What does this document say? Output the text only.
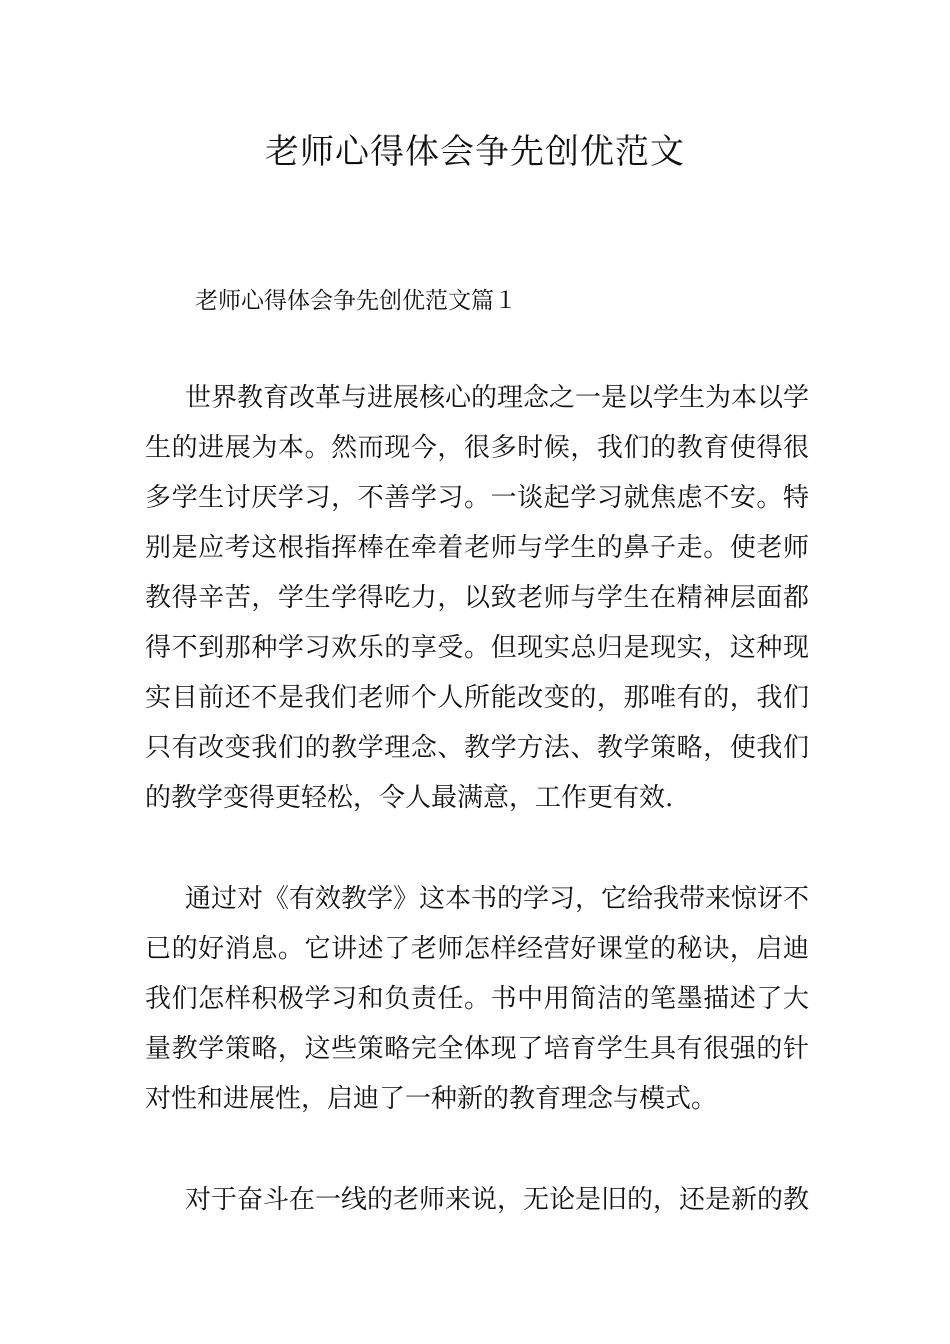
老师心得体会争先创优范文

老师心得体会争先创优范文篇１

世界教育改革与进展核心的理念之一是以学生为本以学生的进展为本。然而现今，很多时候，我们的教育使得很多学生讨厌学习，不善学习。一谈起学习就焦虑不安。特别是应考这根指挥棒在牵着老师与学生的鼻子走。使老师教得辛苦，学生学得吃力，以致老师与学生在精神层面都得不到那种学习欢乐的享受。但现实总归是现实，这种现实目前还不是我们老师个人所能改变的，那唯有的，我们只有改变我们的教学理念、教学方法、教学策略，使我们的教学变得更轻松，令人最满意，工作更有效.

通过对《有效教学》这本书的学习，它给我带来惊讶不已的好消息。它讲述了老师怎样经营好课堂的秘诀，启迪我们怎样积极学习和负责任。书中用简洁的笔墨描述了大量教学策略，这些策略完全体现了培育学生具有很强的针对性和进展性，启迪了一种新的教育理念与模式。

对于奋斗在一线的老师来说，无论是旧的，还是新的教
